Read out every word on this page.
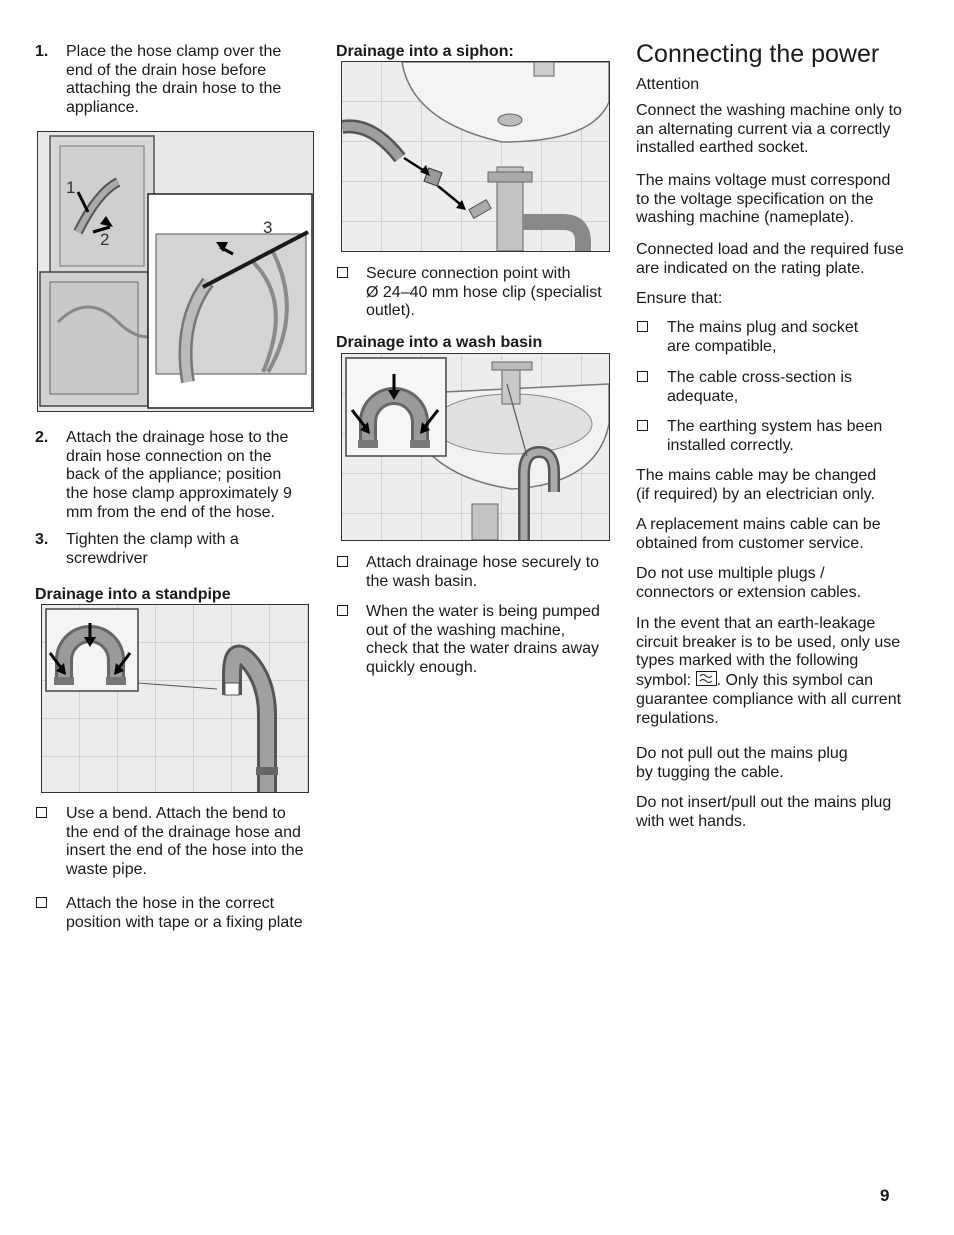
1. Place the hose clamp over the
end of the drain hose before
attaching the drain hose to the
appliance.
1
2
3
2. Attach the drainage hose to the
drain hose connection on the
back of the appliance; position
the hose clamp approximately 9
mm from the end of the hose.
3. Tighten the clamp with a
screwdriver
Drainage into a standpipe
Use a bend. Attach the bend to
the end of the drainage hose and
insert the end of the hose into the
waste pipe.
Attach the hose in the correct
position with tape or a fixing plate
Drainage into a siphon:
Secure connection point with
Ø 24–40 mm hose clip (specialist
outlet).
Drainage into a wash basin
Attach drainage hose securely to
the wash basin.
When the water is being pumped
out of the washing machine,
check that the water drains away
quickly enough.
Connecting the power
Attention
Connect the washing machine only to
an alternating current via a correctly
installed earthed socket.
The mains voltage must correspond
to the voltage specification on the
washing machine (nameplate).
Connected load and the required fuse
are indicated on the rating plate.
Ensure that:
The mains plug and socket
are compatible,
The cable cross-section is
adequate,
The earthing system has been
installed correctly.
The mains cable may be changed
(if required) by an electrician only.
A replacement mains cable can be
obtained from customer service.
Do not use multiple plugs /
connectors or extension cables.
In the event that an earth-leakage
circuit breaker is to be used, only use
types marked with the following
symbol:
. Only this symbol can
guarantee compliance with all current
regulations.
Do not pull out the mains plug
by tugging the cable.
Do not insert/pull out the mains plug
with wet hands.
9
